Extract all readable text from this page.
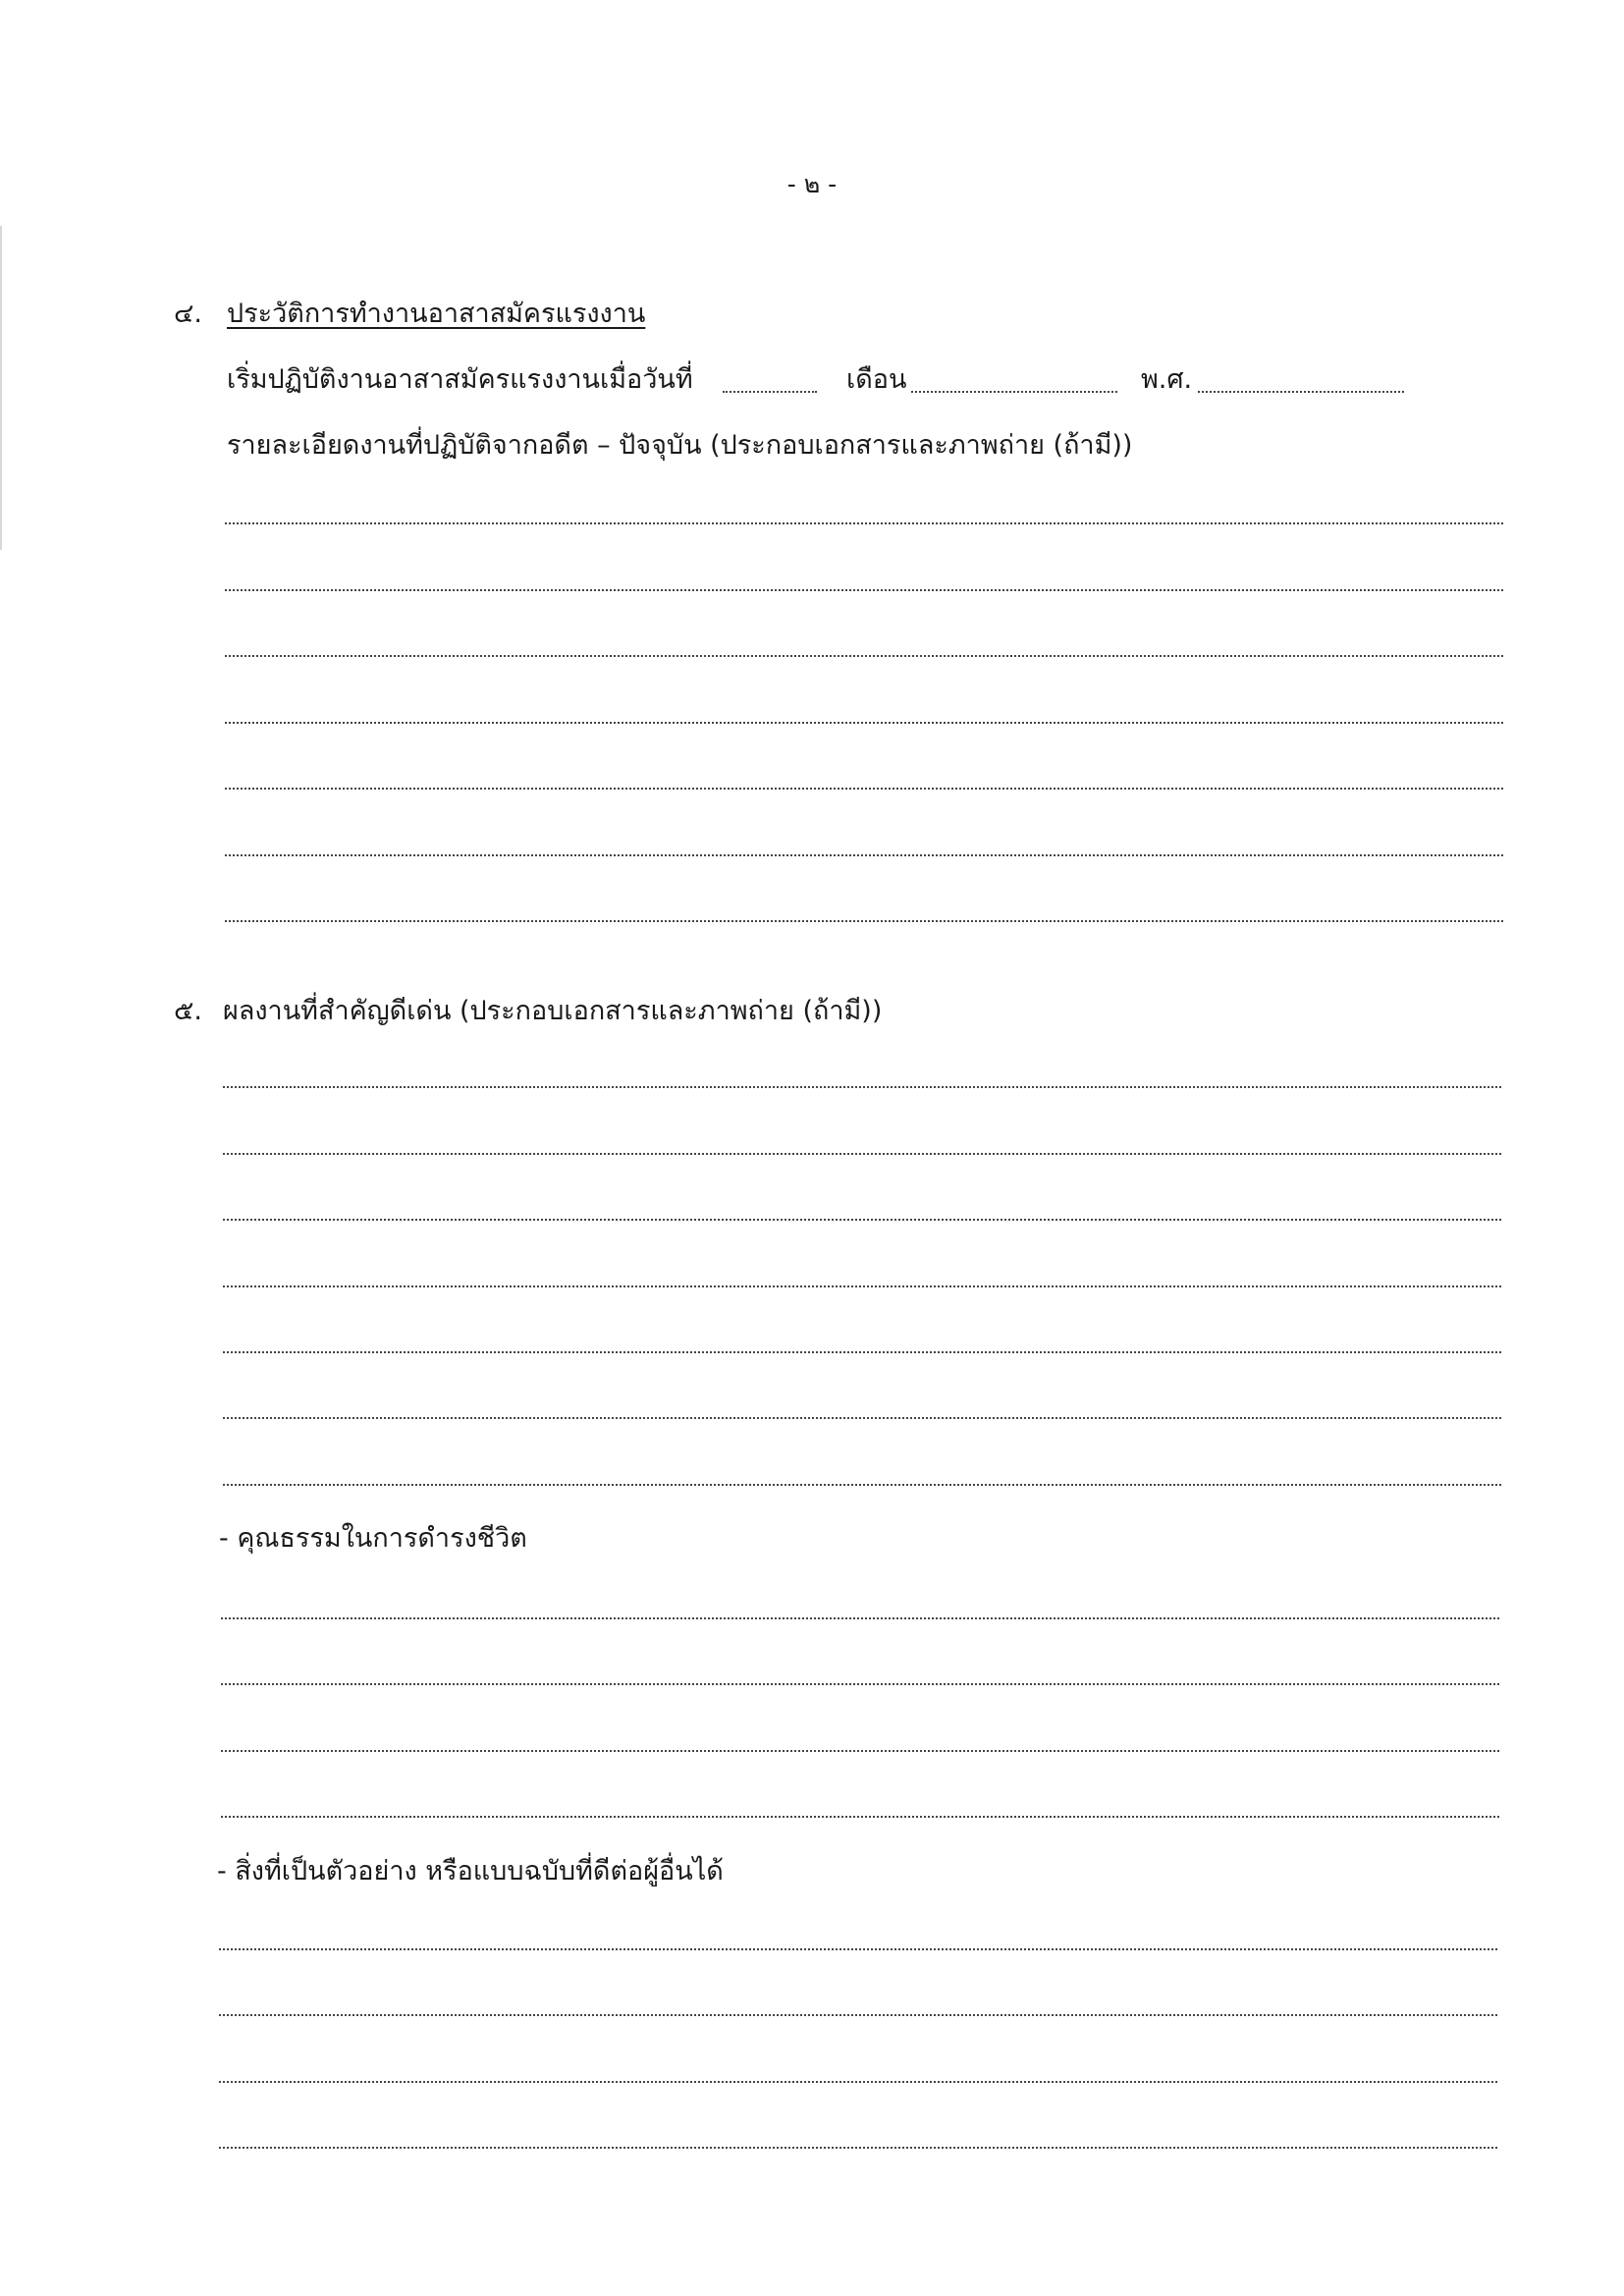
- ๒ -
๔. ประวัติการทำงานอาสาสมัครแรงงาน
เริ่มปฏิบัติงานอาสาสมัครแรงงานเมื่อวันที่	เดือน	พ.ศ.
รายละเอียดงานที่ปฏิบัติจากอดีต – ปัจจุบัน (ประกอบเอกสารและภาพถ่าย (ถ้ามี))
๕. ผลงานที่สำคัญดีเด่น (ประกอบเอกสารและภาพถ่าย (ถ้ามี))
- คุณธรรมในการดำรงชีวิต
- สิ่งที่เป็นตัวอย่าง หรือแบบฉบับที่ดีต่อผู้อื่นได้
